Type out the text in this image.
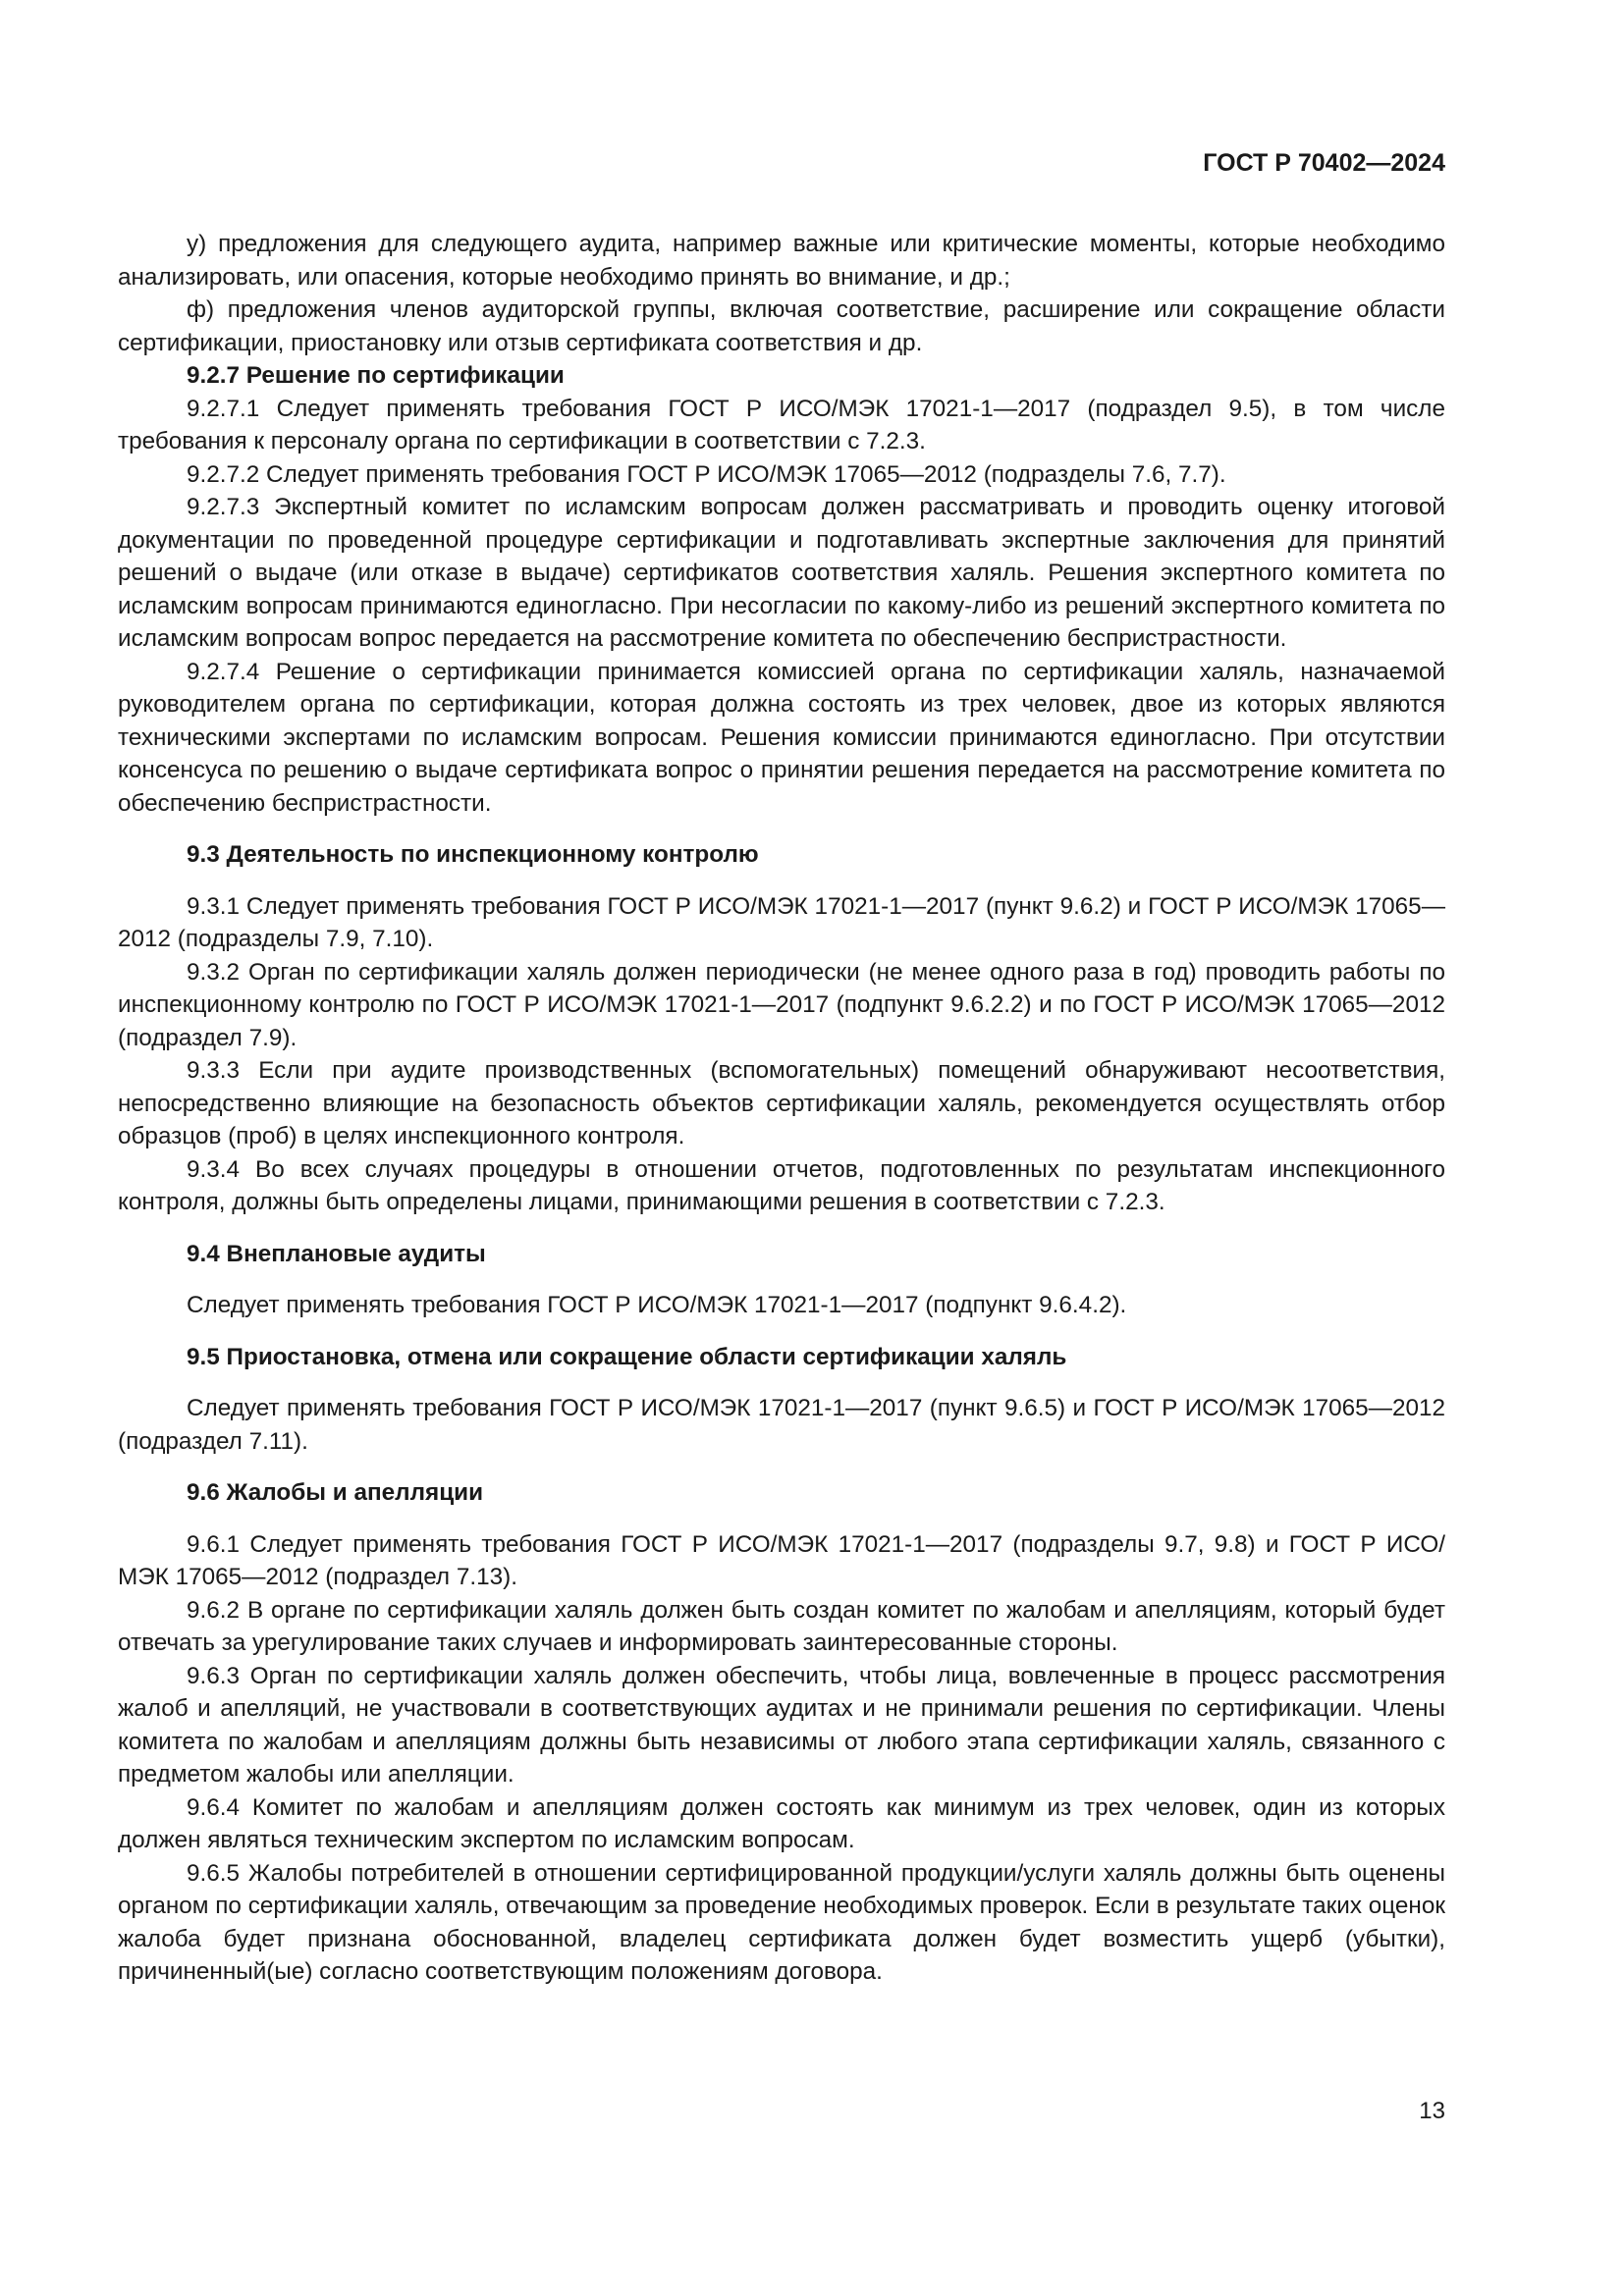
ГОСТ Р 70402—2024

у) предложения для следующего аудита, например важные или критические моменты, которые необходимо анализировать, или опасения, которые необходимо принять во внимание, и др.;

ф) предложения членов аудиторской группы, включая соответствие, расширение или сокращение области сертификации, приостановку или отзыв сертификата соответствия и др.

9.2.7 Решение по сертификации

9.2.7.1 Следует применять требования ГОСТ Р ИСО/МЭК 17021-1—2017 (подраздел 9.5), в том числе требования к персоналу органа по сертификации в соответствии с 7.2.3.

9.2.7.2 Следует применять требования ГОСТ Р ИСО/МЭК 17065—2012 (подразделы 7.6, 7.7).

9.2.7.3 Экспертный комитет по исламским вопросам должен рассматривать и проводить оценку итоговой документации по проведенной процедуре сертификации и подготавливать экспертные заключения для принятий решений о выдаче (или отказе в выдаче) сертификатов соответствия халяль. Решения экспертного комитета по исламским вопросам принимаются единогласно. При несогласии по какому-либо из решений экспертного комитета по исламским вопросам вопрос передается на рассмотрение комитета по обеспечению беспристрастности.

9.2.7.4 Решение о сертификации принимается комиссией органа по сертификации халяль, назначаемой руководителем органа по сертификации, которая должна состоять из трех человек, двое из которых являются техническими экспертами по исламским вопросам. Решения комиссии принимаются единогласно. При отсутствии консенсуса по решению о выдаче сертификата вопрос о принятии решения передается на рассмотрение комитета по обеспечению беспристрастности.

9.3 Деятельность по инспекционному контролю

9.3.1 Следует применять требования ГОСТ Р ИСО/МЭК 17021-1—2017 (пункт 9.6.2) и ГОСТ Р ИСО/МЭК 17065—2012 (подразделы 7.9, 7.10).

9.3.2 Орган по сертификации халяль должен периодически (не менее одного раза в год) проводить работы по инспекционному контролю по ГОСТ Р ИСО/МЭК 17021-1—2017 (подпункт 9.6.2.2) и по ГОСТ Р ИСО/МЭК 17065—2012 (подраздел 7.9).

9.3.3 Если при аудите производственных (вспомогательных) помещений обнаруживают несоответствия, непосредственно влияющие на безопасность объектов сертификации халяль, рекомендуется осуществлять отбор образцов (проб) в целях инспекционного контроля.

9.3.4 Во всех случаях процедуры в отношении отчетов, подготовленных по результатам инспекционного контроля, должны быть определены лицами, принимающими решения в соответствии с 7.2.3.

9.4 Внеплановые аудиты

Следует применять требования ГОСТ Р ИСО/МЭК 17021-1—2017 (подпункт 9.6.4.2).

9.5 Приостановка, отмена или сокращение области сертификации халяль

Следует применять требования ГОСТ Р ИСО/МЭК 17021-1—2017 (пункт 9.6.5) и ГОСТ Р ИСО/МЭК 17065—2012 (подраздел 7.11).

9.6 Жалобы и апелляции

9.6.1 Следует применять требования ГОСТ Р ИСО/МЭК 17021-1—2017 (подразделы 9.7, 9.8) и ГОСТ Р ИСО/МЭК 17065—2012 (подраздел 7.13).

9.6.2 В органе по сертификации халяль должен быть создан комитет по жалобам и апелляциям, который будет отвечать за урегулирование таких случаев и информировать заинтересованные стороны.

9.6.3 Орган по сертификации халяль должен обеспечить, чтобы лица, вовлеченные в процесс рассмотрения жалоб и апелляций, не участвовали в соответствующих аудитах и не принимали решения по сертификации. Члены комитета по жалобам и апелляциям должны быть независимы от любого этапа сертификации халяль, связанного с предметом жалобы или апелляции.

9.6.4 Комитет по жалобам и апелляциям должен состоять как минимум из трех человек, один из которых должен являться техническим экспертом по исламским вопросам.

9.6.5 Жалобы потребителей в отношении сертифицированной продукции/услуги халяль должны быть оценены органом по сертификации халяль, отвечающим за проведение необходимых проверок. Если в результате таких оценок жалоба будет признана обоснованной, владелец сертификата должен будет возместить ущерб (убытки), причиненный(ые) согласно соответствующим положениям договора.

13
